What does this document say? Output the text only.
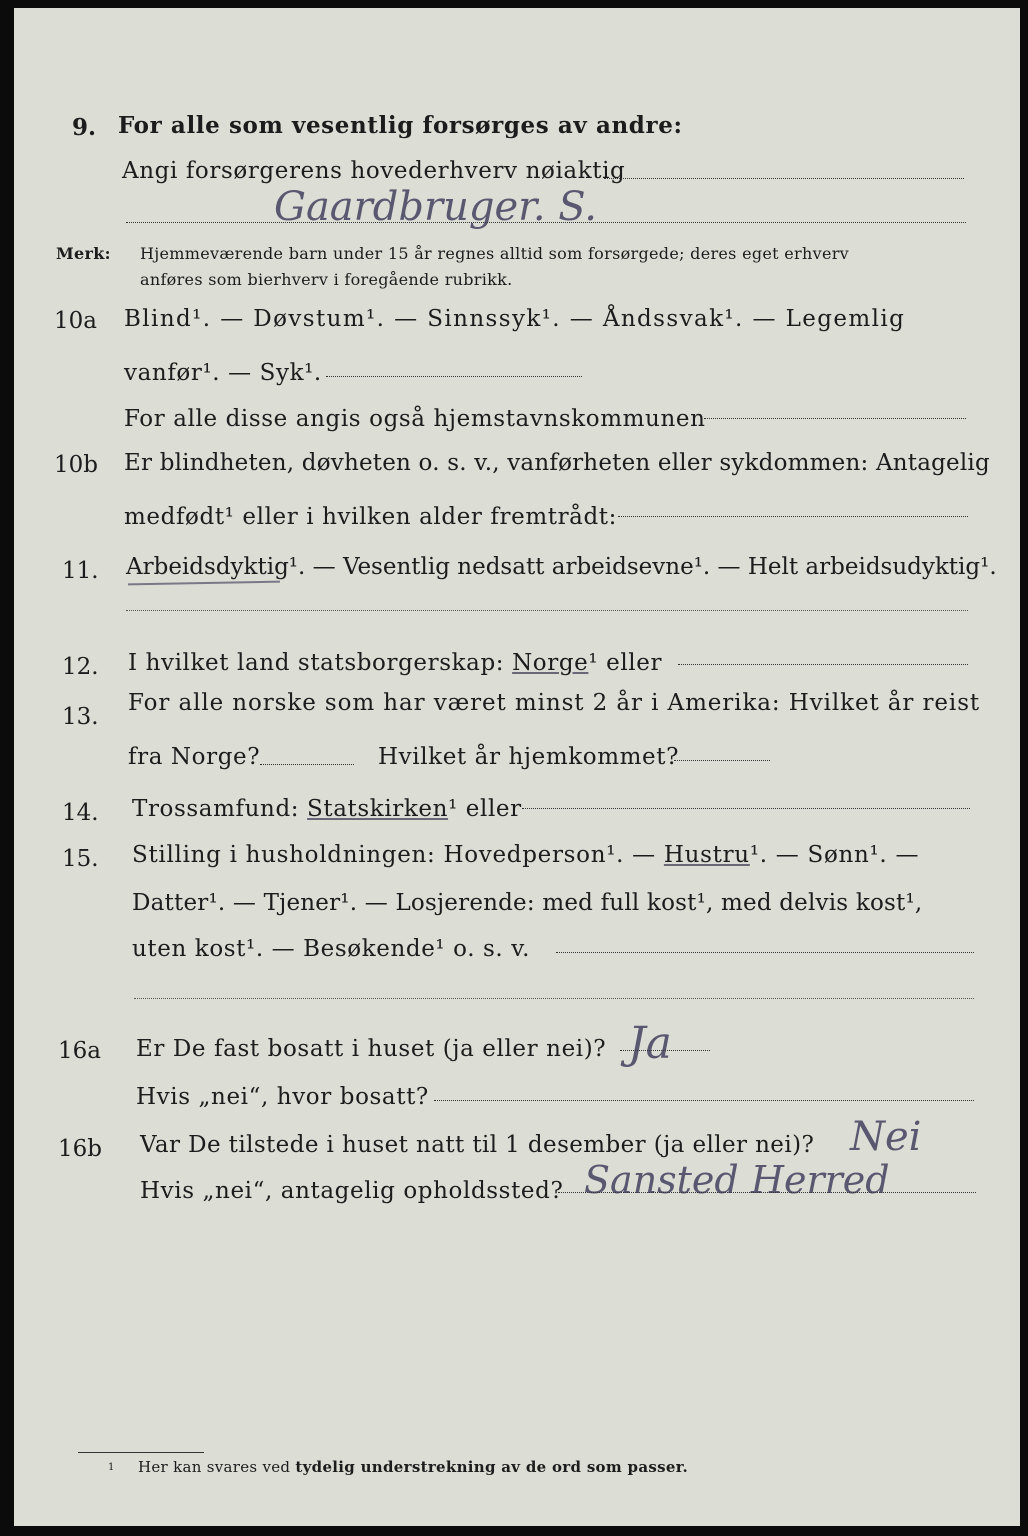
9. For alle som vesentlig forsørges av andre:
Angi forsørgerens hovederhverv nøiaktig
Gaardbruger. S.
Merk: Hjemmeværende barn under 15 år regnes alltid som forsørgede; deres eget erhverv
anføres som bierhverv i foregående rubrikk.
10a Blind¹. — Døvstum¹. — Sinnssyk¹. — Åndssvak¹. — Legemlig
vanfør¹. — Syk¹.
For alle disse angis også hjemstavnskommunen
10b Er blindheten, døvheten o. s. v., vanførheten eller sykdommen: Antagelig
medfødt¹ eller i hvilken alder fremtrådt:
11. Arbeidsdyktig¹. — Vesentlig nedsatt arbeidsevne¹. — Helt arbeidsudyktig¹.
12. I hvilket land statsborgerskap: Norge¹ eller
13.
For alle norske som har været minst 2 år i Amerika: Hvilket år reist
fra Norge?	Hvilket år hjemkommet?
14. Trossamfund: Statskirken¹ eller
15. Stilling i husholdningen: Hovedperson¹. — Hustru¹. — Sønn¹. —
Datter¹. — Tjener¹. — Losjerende: med full kost¹, med delvis kost¹,
uten kost¹. — Besøkende¹ o. s. v.
16a Er De fast bosatt i huset (ja eller nei)? Ja
Hvis „nei“, hvor bosatt?
16b Var De tilstede i huset natt til 1 desember (ja eller nei)? Nei
Hvis „nei“, antagelig opholdssted? Sansted Herred
1 Her kan svares ved tydelig understrekning av de ord som passer.
